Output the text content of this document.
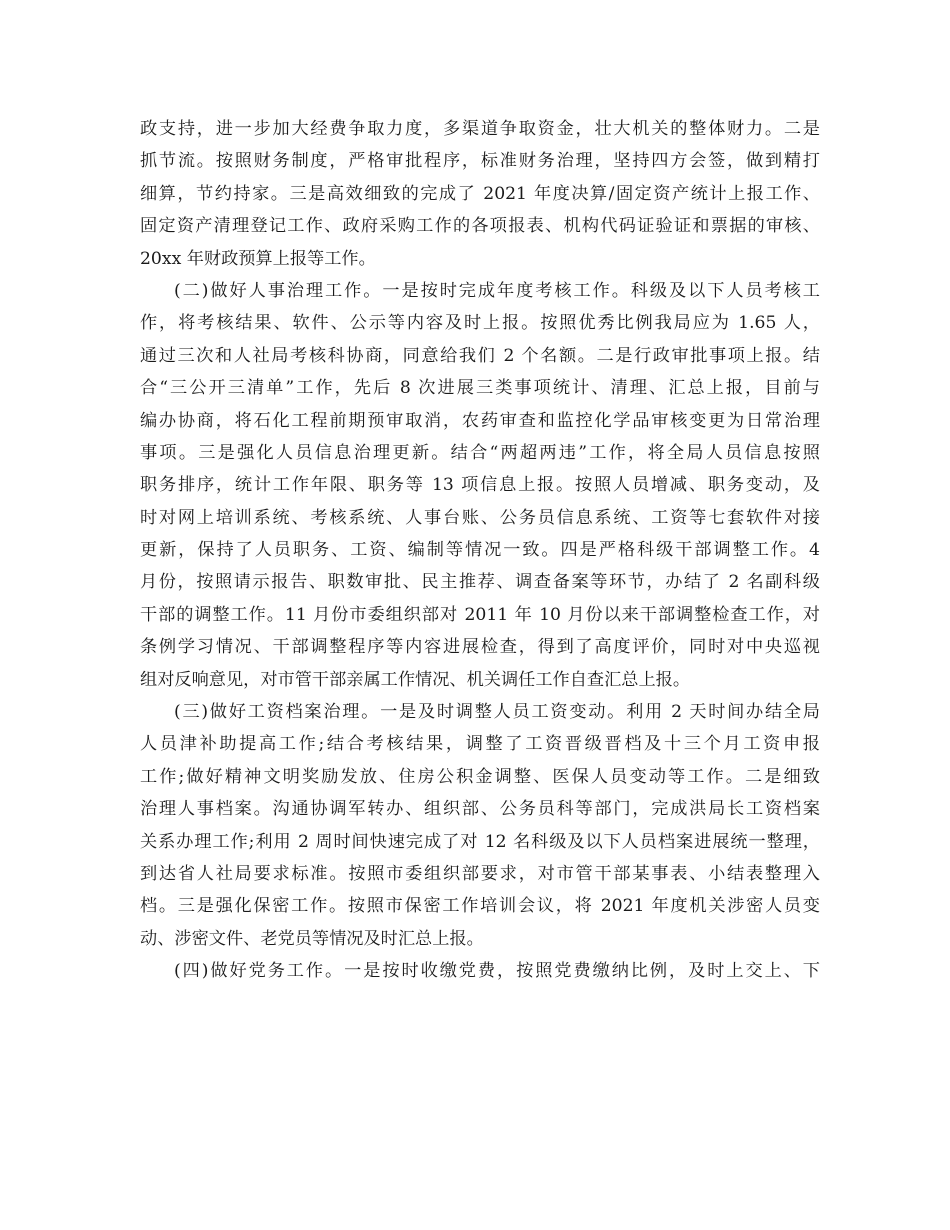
政支持，进一步加大经费争取力度，多渠道争取资金，壮大机关的整体财力。二是
抓节流。按照财务制度，严格审批程序，标准财务治理，坚持四方会签，做到精打
细算，节约持家。三是高效细致的完成了 2021 年度决算/固定资产统计上报工作、
固定资产清理登记工作、政府采购工作的各项报表、机构代码证验证和票据的审核、
20xx 年财政预算上报等工作。
(二)做好人事治理工作。一是按时完成年度考核工作。科级及以下人员考核工
作，将考核结果、软件、公示等内容及时上报。按照优秀比例我局应为 1.65 人，
通过三次和人社局考核科协商，同意给我们 2 个名额。二是行政审批事项上报。结
合“三公开三清单”工作，先后 8 次进展三类事项统计、清理、汇总上报，目前与
编办协商，将石化工程前期预审取消，农药审查和监控化学品审核变更为日常治理
事项。三是强化人员信息治理更新。结合“两超两违”工作，将全局人员信息按照
职务排序，统计工作年限、职务等 13 项信息上报。按照人员增减、职务变动，及
时对网上培训系统、考核系统、人事台账、公务员信息系统、工资等七套软件对接
更新，保持了人员职务、工资、编制等情况一致。四是严格科级干部调整工作。4
月份，按照请示报告、职数审批、民主推荐、调查备案等环节，办结了 2 名副科级
干部的调整工作。11 月份市委组织部对 2011 年 10 月份以来干部调整检查工作，对
条例学习情况、干部调整程序等内容进展检查，得到了高度评价，同时对中央巡视
组对反响意见，对市管干部亲属工作情况、机关调任工作自查汇总上报。
(三)做好工资档案治理。一是及时调整人员工资变动。利用 2 天时间办结全局
人员津补助提高工作;结合考核结果，调整了工资晋级晋档及十三个月工资申报
工作;做好精神文明奖励发放、住房公积金调整、医保人员变动等工作。二是细致
治理人事档案。沟通协调军转办、组织部、公务员科等部门，完成洪局长工资档案
关系办理工作;利用 2 周时间快速完成了对 12 名科级及以下人员档案进展统一整理，
到达省人社局要求标准。按照市委组织部要求，对市管干部某事表、小结表整理入
档。三是强化保密工作。按照市保密工作培训会议，将 2021 年度机关涉密人员变
动、涉密文件、老党员等情况及时汇总上报。
(四)做好党务工作。一是按时收缴党费，按照党费缴纳比例，及时上交上、下
